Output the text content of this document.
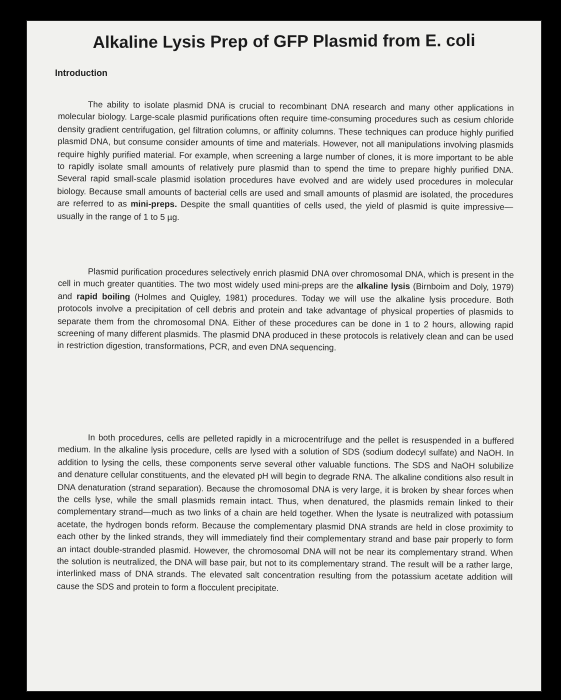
Alkaline Lysis Prep of GFP Plasmid from E. coli
Introduction
The ability to isolate plasmid DNA is crucial to recombinant DNA research and many other applications in molecular biology. Large-scale plasmid purifications often require time-consuming procedures such as cesium chloride density gradient centrifugation, gel filtration columns, or affinity columns. These techniques can produce highly purified plasmid DNA, but consume consider amounts of time and materials. However, not all manipulations involving plasmids require highly purified material. For example, when screening a large number of clones, it is more important to be able to rapidly isolate small amounts of relatively pure plasmid than to spend the time to prepare highly purified DNA. Several rapid small-scale plasmid isolation procedures have evolved and are widely used procedures in molecular biology. Because small amounts of bacterial cells are used and small amounts of plasmid are isolated, the procedures are referred to as mini-preps. Despite the small quantities of cells used, the yield of plasmid is quite impressive—usually in the range of 1 to 5 µg.
Plasmid purification procedures selectively enrich plasmid DNA over chromosomal DNA, which is present in the cell in much greater quantities. The two most widely used mini-preps are the alkaline lysis (Birnboim and Doly, 1979) and rapid boiling (Holmes and Quigley, 1981) procedures. Today we will use the alkaline lysis procedure. Both protocols involve a precipitation of cell debris and protein and take advantage of physical properties of plasmids to separate them from the chromosomal DNA. Either of these procedures can be done in 1 to 2 hours, allowing rapid screening of many different plasmids. The plasmid DNA produced in these protocols is relatively clean and can be used in restriction digestion, transformations, PCR, and even DNA sequencing.
In both procedures, cells are pelleted rapidly in a microcentrifuge and the pellet is resuspended in a buffered medium. In the alkaline lysis procedure, cells are lysed with a solution of SDS (sodium dodecyl sulfate) and NaOH. In addition to lysing the cells, these components serve several other valuable functions. The SDS and NaOH solubilize and denature cellular constituents, and the elevated pH will begin to degrade RNA. The alkaline conditions also result in DNA denaturation (strand separation). Because the chromosomal DNA is very large, it is broken by shear forces when the cells lyse, while the small plasmids remain intact. Thus, when denatured, the plasmids remain linked to their complementary strand—much as two links of a chain are held together. When the lysate is neutralized with potassium acetate, the hydrogen bonds reform. Because the complementary plasmid DNA strands are held in close proximity to each other by the linked strands, they will immediately find their complementary strand and base pair properly to form an intact double-stranded plasmid. However, the chromosomal DNA will not be near its complementary strand. When the solution is neutralized, the DNA will base pair, but not to its complementary strand. The result will be a rather large, interlinked mass of DNA strands. The elevated salt concentration resulting from the potassium acetate addition will cause the SDS and protein to form a flocculent precipitate.
